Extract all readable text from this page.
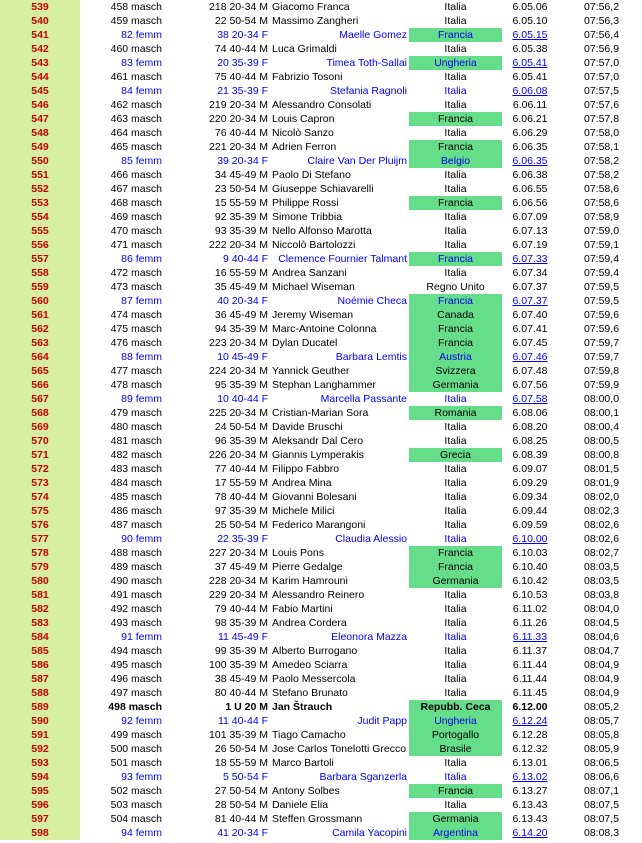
539	458 masch	218 20-34 M Giacomo Franca	Italia	6.05.06	07:56,2
540	459 masch	22 50-54 M Massimo Zangheri	Italia	6.05.10	07:56,3
541	82 femm	38 20-34 F	Maelle Gomez	Francia	6.05.15	07:56,4
542	460 masch	74 40-44 M Luca Grimaldi	Italia	6.05.38	07:56,9
543	83 femm	20 35-39 F	Timea Toth-Sallai	Ungheria	6.05.41	07:57,0
544	461 masch	75 40-44 M Fabrizio Tosoni	Italia	6.05.41	07:57,0
545	84 femm	21 35-39 F	Stefania Ragnoli	Italia	6.06.08	07:57,5
546	462 masch	219 20-34 M Alessandro Consolati	Italia	6.06.11	07:57,6
547	463 masch	220 20-34 M Louis Capron	Francia	6.06.21	07:57,8
548	464 masch	76 40-44 M Nicolò Sanzo	Italia	6.06.29	07:58,0
549	465 masch	221 20-34 M Adrien Ferron	Francia	6.06.35	07:58,1
550	85 femm	39 20-34 F	Claire Van Der Pluijm	Belgio	6.06.35	07:58,2
551	466 masch	34 45-49 M Paolo Di Stefano	Italia	6.06.38	07:58,2
552	467 masch	23 50-54 M Giuseppe Schiavarelli	Italia	6.06.55	07:58,6
553	468 masch	15 55-59 M Philippe Rossi	Francia	6.06.56	07:58,6
554	469 masch	92 35-39 M Simone Tribbia	Italia	6.07.09	07:58,9
555	470 masch	93 35-39 M Nello Alfonso Marotta	Italia	6.07.13	07:59,0
556	471 masch	222 20-34 M Niccolò Bartolozzi	Italia	6.07.19	07:59,1
557	86 femm	9 40-44 F Clemence Fournier Talmant	Francia	6.07.33	07:59,4
558	472 masch	16 55-59 M Andrea Sanzani	Italia	6.07.34	07:59,4
559	473 masch	35 45-49 M Michael Wiseman	Regno Unito	6.07.37	07:59,5
560	87 femm	40 20-34 F	Noémie Checa	Francia	6.07.37	07:59,5
561	474 masch	36 45-49 M Jeremy Wiseman	Canada	6.07.40	07:59,6
562	475 masch	94 35-39 M Marc-Antoine Colonna	Francia	6.07.41	07:59,6
563	476 masch	223 20-34 M Dylan Ducatel	Francia	6.07.45	07:59,7
564	88 femm	10 45-49 F	Barbara Lemtis	Austria	6.07.46	07:59,7
565	477 masch	224 20-34 M Yannick Geuther	Svizzera	6.07.48	07:59,8
566	478 masch	95 35-39 M Stephan Langhammer	Germania	6.07.56	07:59,9
567	89 femm	10 40-44 F	Marcella Passante	Italia	6.07.58	08:00,0
568	479 masch	225 20-34 M Cristian-Marian Sora	Romania	6.08.06	08:00,1
569	480 masch	24 50-54 M Davide Bruschi	Italia	6.08.20	08:00,4
570	481 masch	96 35-39 M Aleksandr Dal Cero	Italia	6.08.25	08:00,5
571	482 masch	226 20-34 M Giannis Lymperakis	Grecia	6.08.39	08:00,8
572	483 masch	77 40-44 M Filippo Fabbro	Italia	6.09.07	08:01,5
573	484 masch	17 55-59 M Andrea Mina	Italia	6.09.29	08:01,9
574	485 masch	78 40-44 M Giovanni Bolesani	Italia	6.09.34	08:02,0
575	486 masch	97 35-39 M Michele Milici	Italia	6.09.44	08:02,3
576	487 masch	25 50-54 M Federico Marangoni	Italia	6.09.59	08:02,6
577	90 femm	22 35-39 F	Claudia Alessio	Italia	6.10.00	08:02,6
578	488 masch	227 20-34 M Louis Pons	Francia	6.10.03	08:02,7
579	489 masch	37 45-49 M Pierre Gedalge	Francia	6.10.40	08:03,5
580	490 masch	228 20-34 M Karim Hamrouni	Germania	6.10.42	08:03,5
581	491 masch	229 20-34 M Alessandro Reinero	Italia	6.10.53	08:03,8
582	492 masch	79 40-44 M Fabio Martini	Italia	6.11.02	08:04,0
583	493 masch	98 35-39 M Andrea Cordera	Italia	6.11.26	08:04,5
584	91 femm	11 45-49 F	Eleonora Mazza	Italia	6.11.33	08:04,6
585	494 masch	99 35-39 M Alberto Burrogano	Italia	6.11.37	08:04,7
586	495 masch	100 35-39 M Amedeo Sciarra	Italia	6.11.44	08:04,9
587	496 masch	38 45-49 M Paolo Messercola	Italia	6.11.44	08:04,9
588	497 masch	80 40-44 M Stefano Brunato	Italia	6.11.45	08:04,9
589	498 masch	1 U 20 M Jan Štrauch	Repubb. Ceca	6.12.00	08:05,2
590	92 femm	11 40-44 F	Judit Papp	Ungheria	6.12.24	08:05,7
591	499 masch	101 35-39 M Tiago Camacho	Portogallo	6.12.28	08:05,8
592	500 masch	26 50-54 M Jose Carlos Tonelotti Grecco	Brasile	6.12.32	08:05,9
593	501 masch	18 55-59 M Marco Bartoli	Italia	6.13.01	08:06,5
594	93 femm	5 50-54 F	Barbara Sganzerla	Italia	6.13.02	08:06,6
595	502 masch	27 50-54 M Antony Solbes	Francia	6.13.27	08:07,1
596	503 masch	28 50-54 M Daniele Elia	Italia	6.13.43	08:07,5
597	504 masch	81 40-44 M Steffen Grossmann	Germania	6.13.43	08:07,5
598	94 femm	41 20-34 F	Camila Yacopini	Argentina	6.14.20	08:08,3
